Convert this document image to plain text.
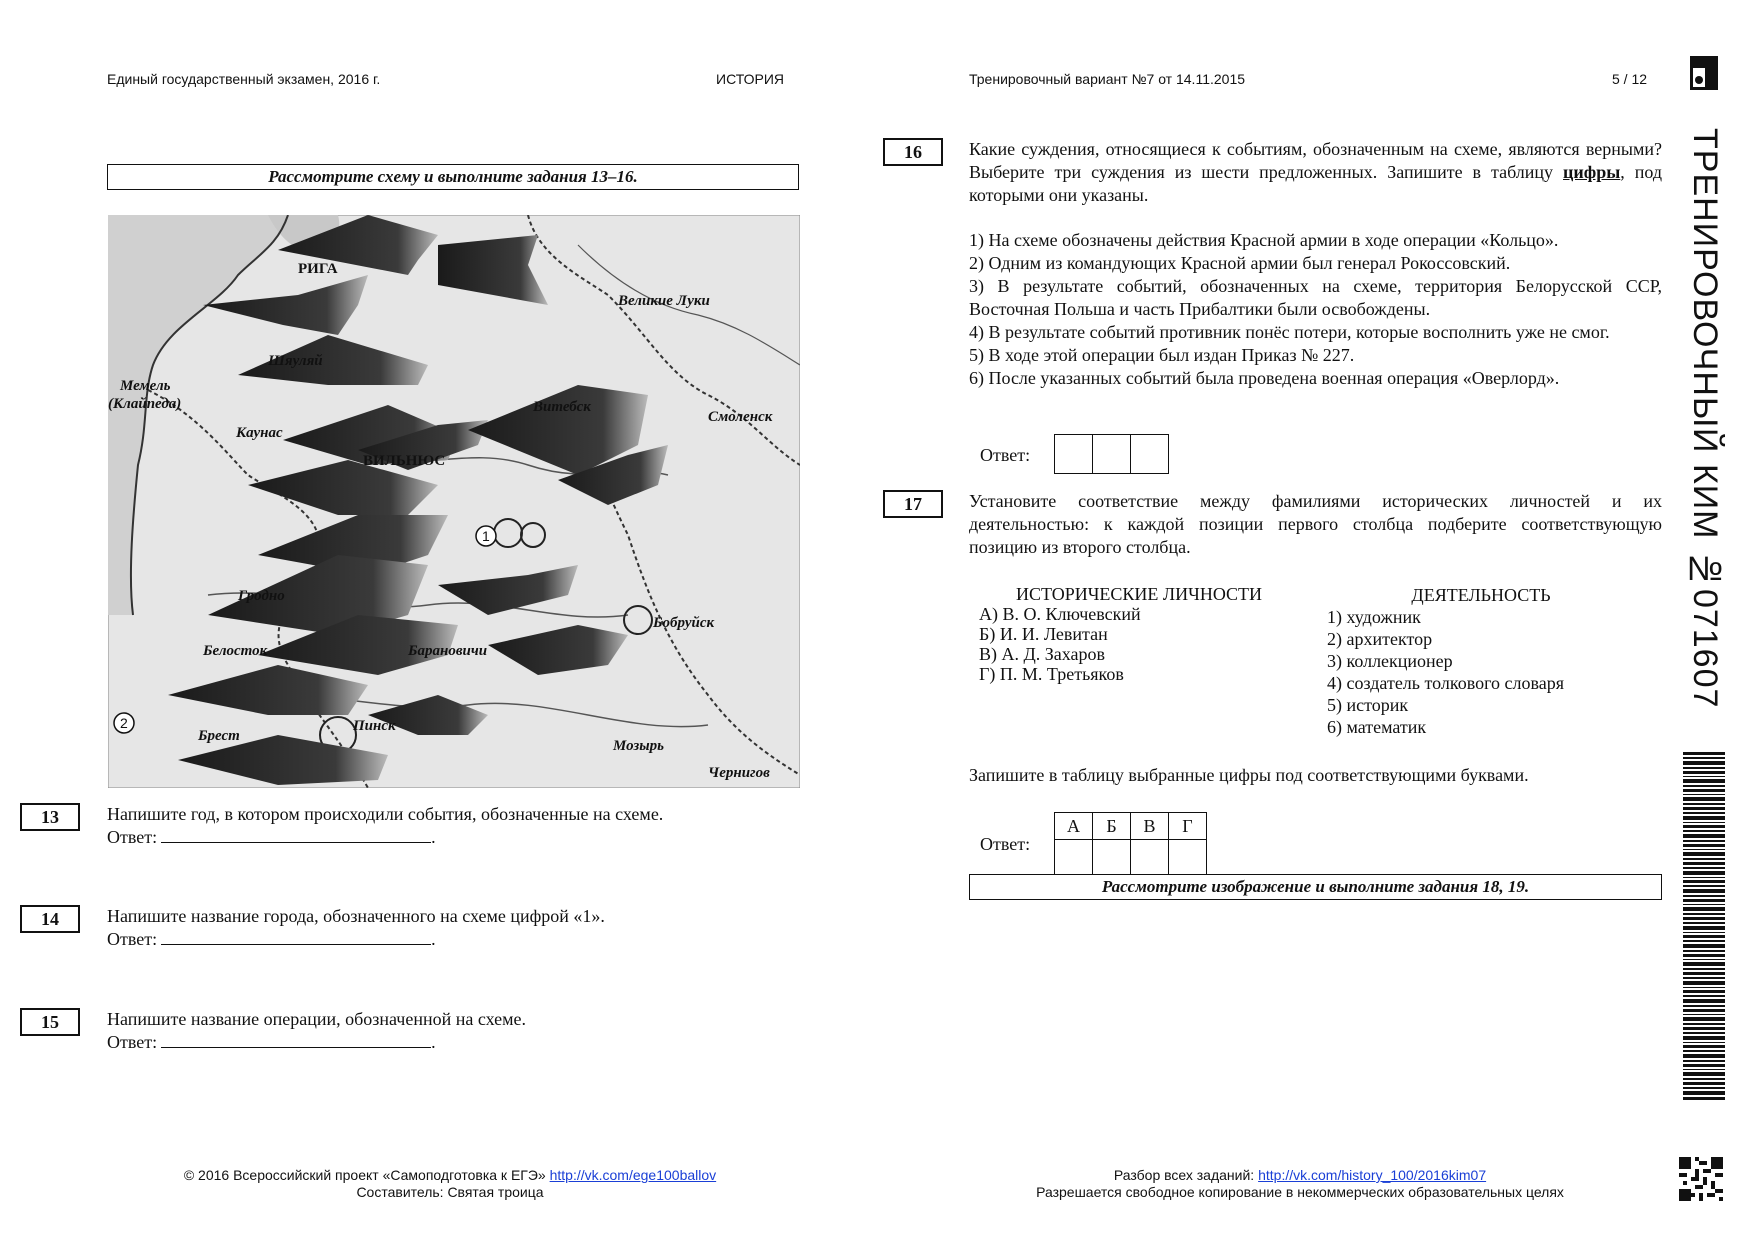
Единый государственный экзамен, 2016 г.	ИСТОРИЯ	Тренировочный вариант №7 от 14.11.2015	5 / 12
ТРЕНИРОВОЧНЫЙ КИМ №071607
Рассмотрите схему и выполните задания 13–16.
РИГА
Великие Луки
Шяуляй
Мемель
(Клайпеда)
Каунас
ВИЛЬНЮС
Витебск
Смоленск
Гродно
Бобруйск
Белосток	Барановичи
Брест
Пинск
Мозырь
Чернигов
1
2
13	Напишите год, в котором происходили события, обозначенные на схеме.
Ответ:	.
14	Напишите название города, обозначенного на схеме цифрой «1».
Ответ:	.
15	Напишите название операции, обозначенной на схеме.
Ответ:	.
16	Какие суждения, относящиеся к событиям, обозначенным на схеме, являются верными? Выберите три суждения из шести предложенных. Запишите в таблицу цифры, под которыми они указаны.
1) На схеме обозначены действия Красной армии в ходе операции «Кольцо».
2) Одним из командующих Красной армии был генерал Рокоссовский.
3) В результате событий, обозначенных на схеме, территория Белорусской ССР, Восточная Польша и часть Прибалтики были освобождены.
4) В результате событий противник понёс потери, которые восполнить уже не смог.
5) В ходе этой операции был издан Приказ № 227.
6) После указанных событий была проведена военная операция «Оверлорд».
Ответ:

17	Установите соответствие между фамилиями исторических личностей и их деятельностью: к каждой позиции первого столбца подберите соответствующую позицию из второго столбца.
ИСТОРИЧЕСКИЕ ЛИЧНОСТИ
А) В. О. Ключевский
Б) И. И. Левитан
В) А. Д. Захаров
Г) П. М. Третьяков
ДЕЯТЕЛЬНОСТЬ
1) художник
2) архитектор
3) коллекционер
4) создатель толкового словаря
5) историк
6) математик
Запишите в таблицу выбранные цифры под соответствующими буквами.
Ответ:
А	Б	В	Г

Рассмотрите изображение и выполните задания 18, 19.
© 2016 Всероссийский проект «Самоподготовка к ЕГЭ» http://vk.com/ege100ballov
Составитель: Святая троица
Разбор всех заданий: http://vk.com/history_100/2016kim07
Разрешается свободное копирование в некоммерческих образовательных целях
